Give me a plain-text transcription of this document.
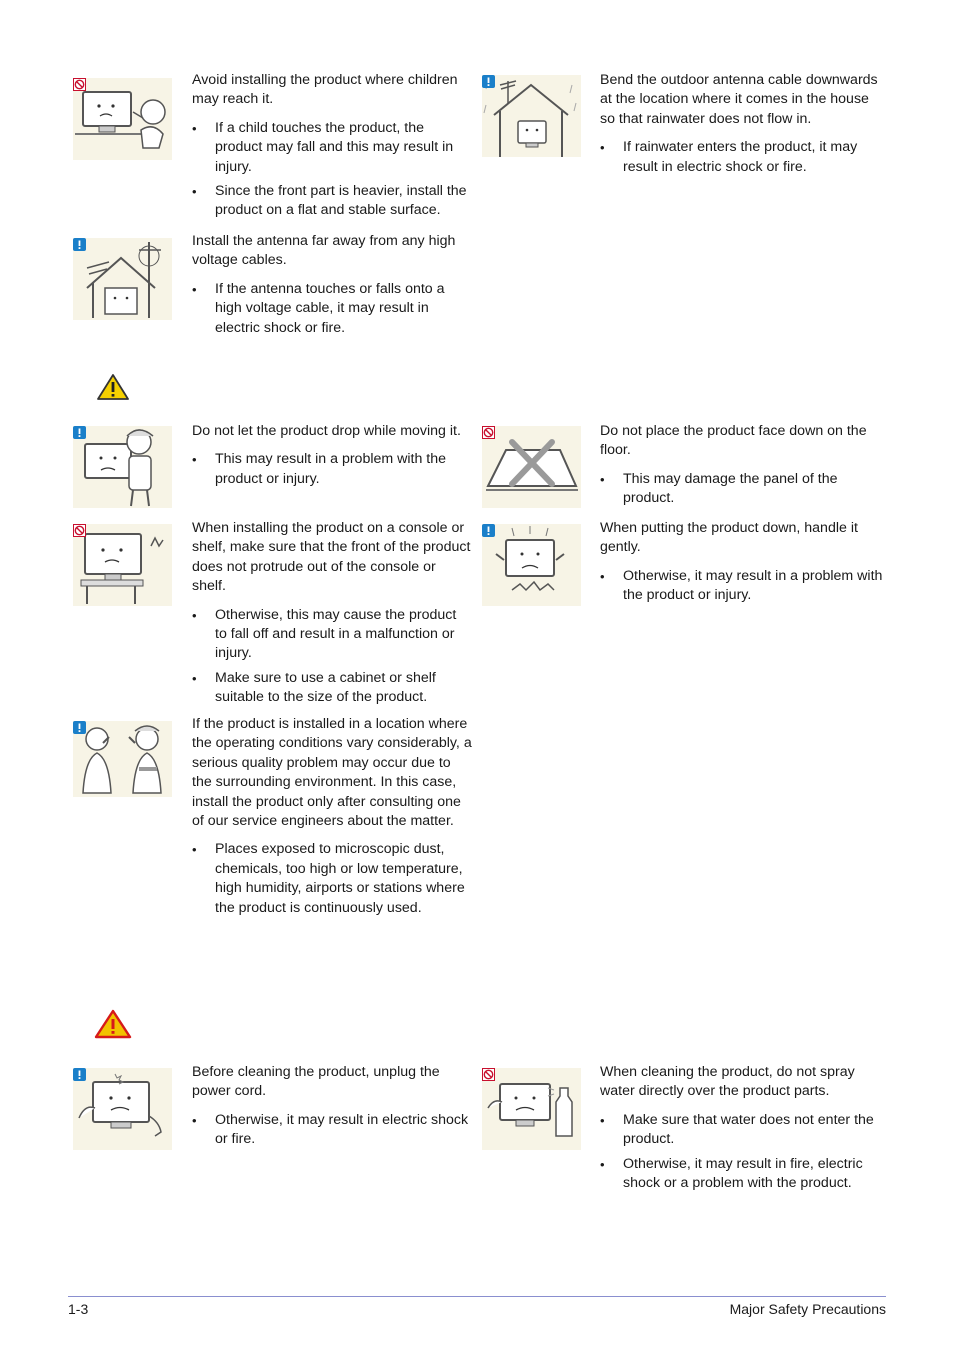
Avoid installing the product where children may reach it.

• If a child touches the product, the product may fall and this may result in injury.
• Since the front part is heavier, install the product on a flat and stable surface.

Bend the outdoor antenna cable downwards at the location where it comes in the house so that rainwater does not flow in.

• If rainwater enters the product, it may result in electric shock or fire.

Install the antenna far away from any high voltage cables.

• If the antenna touches or falls onto a high voltage cable, it may result in electric shock or fire.

Do not let the product drop while moving it.

• This may result in a problem with the product or injury.

Do not place the product face down on the floor.

• This may damage the panel of the product.

When installing the product on a console or shelf, make sure that the front of the product does not protrude out of the console or shelf.

• Otherwise, this may cause the product to fall off and result in a malfunction or injury.
• Make sure to use a cabinet or shelf suitable to the size of the product.

When putting the product down, handle it gently.

• Otherwise, it may result in a problem with the product or injury.

If the product is installed in a location where the operating conditions vary considerably, a serious quality problem may occur due to the surrounding environment. In this case, install the product only after consulting one of our service engineers about the matter.

• Places exposed to microscopic dust, chemicals, too high or low temperature, high humidity, airports or stations where the product is continuously used.

Before cleaning the product, unplug the power cord.

• Otherwise, it may result in electric shock or fire.

When cleaning the product, do not spray water directly over the product parts.

• Make sure that water does not enter the product.
• Otherwise, it may result in fire, electric shock or a problem with the product.
1-3	Major Safety Precautions
